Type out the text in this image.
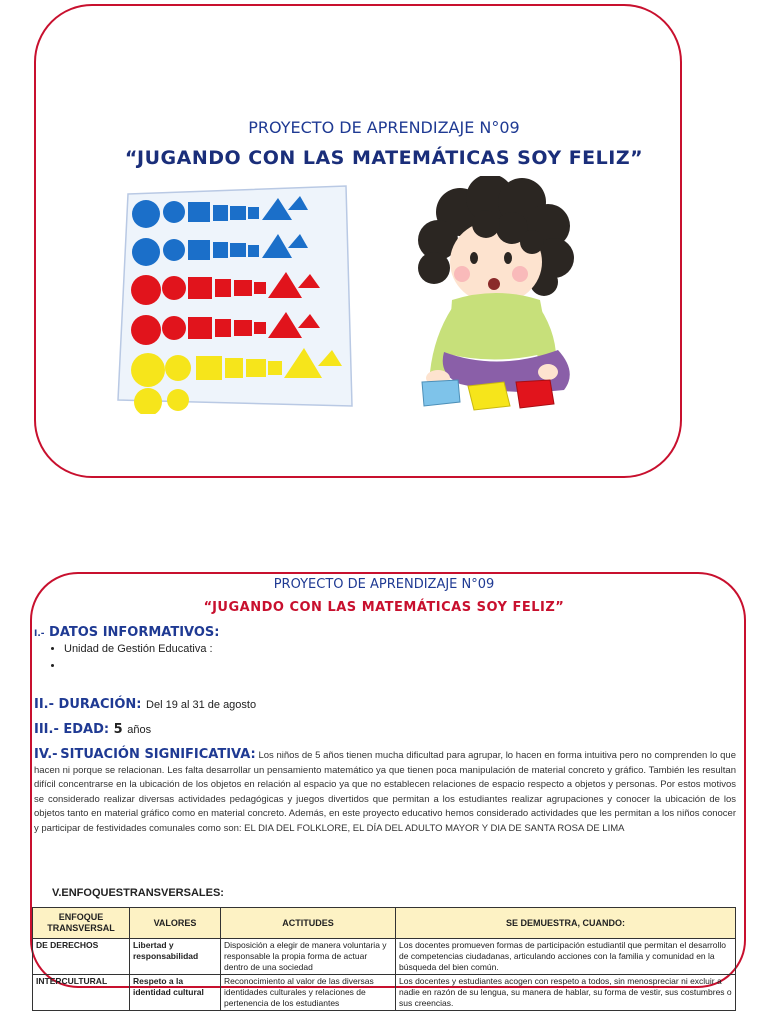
PROYECTO DE APRENDIZAJE N°09
“JUGANDO CON LAS MATEMÁTICAS SOY FELIZ”
PROYECTO DE APRENDIZAJE N°09
“JUGANDO CON LAS MATEMÁTICAS SOY FELIZ”
I.- DATOS INFORMATIVOS:
• Unidad de Gestión Educativa :
•
II.- DURACIÓN: Del 19 al 31 de agosto
III.- EDAD: 5 años
IV.- SITUACIÓN SIGNIFICATIVA: Los niños de 5 años tienen mucha dificultad para agrupar, lo hacen en forma intuitiva pero no comprenden lo que hacen ni porque se relacionan. Les falta desarrollar un pensamiento matemático ya que tienen poca manipulación de material concreto y gráfico. También les resultan difícil concentrarse en la ubicación de los objetos en relación al espacio ya que no establecen relaciones de espacio respecto a objetos y personas. Por estos motivos se considerado realizar diversas actividades pedagógicas y juegos divertidos que permitan a los estudiantes realizar agrupaciones y conocer la ubicación de los objetos tanto en material gráfico como en material concreto. Además, en este proyecto educativo hemos considerado actividades que les permitan a los niños conocer y participar de festividades comunales como son: EL DIA DEL FOLKLORE, EL DÍA DEL ADULTO MAYOR Y DIA DE SANTA ROSA DE LIMA
V.ENFOQUESTRANSVERSALES:
ENFOQUE TRANSVERSAL	VALORES	ACTITUDES	SE DEMUESTRA, CUANDO:
DE DERECHOS	Libertad y responsabilidad	Disposición a elegir de manera voluntaria y responsable la propia forma de actuar dentro de una sociedad	Los docentes promueven formas de participación estudiantil que permitan el desarrollo de competencias ciudadanas, articulando acciones con la familia y comunidad en la búsqueda del bien común.
INTERCULTURAL	Respeto a la identidad cultural	Reconocimiento al valor de las diversas identidades culturales y relaciones de pertenencia de los estudiantes	Los docentes y estudiantes acogen con respeto a todos, sin menospreciar ni excluir a nadie en razón de su lengua, su manera de hablar, su forma de vestir, sus costumbres o sus creencias.
